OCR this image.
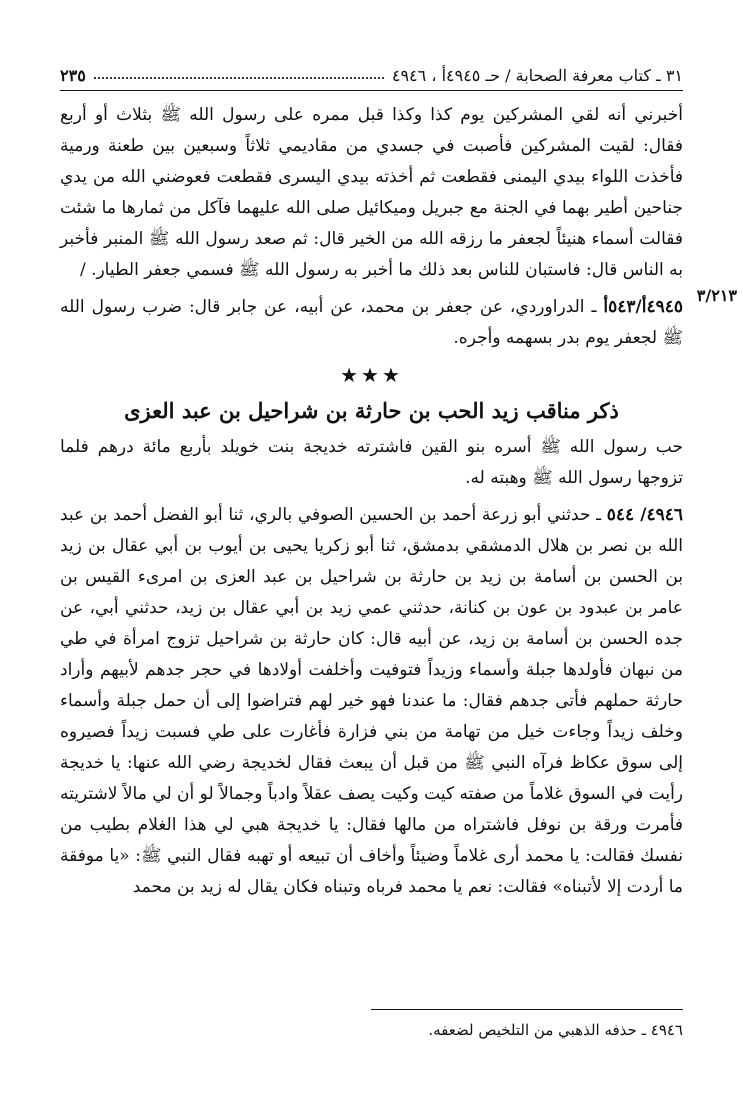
٣١ ـ كتاب معرفة الصحابة / حـ ٤٩٤٥أ ، ٤٩٤٦
٢٣٥
٣/٢١٣

أخبرني أنه لقي المشركين يوم كذا وكذا قبل ممره على رسول الله ﷺ بثلاث أو أربع فقال: لقيت المشركين فأصبت في جسدي من مقاديمي ثلاثاً وسبعين بين طعنة ورمية فأخذت اللواء بيدي اليمنى فقطعت ثم أخذته بيدي اليسرى فقطعت فعوضني الله من يدي جناحين أطير بهما في الجنة مع جبريل وميكائيل صلى الله عليهما فآكل من ثمارها ما شئت فقالت أسماء هنيئاً لجعفر ما رزقه الله من الخير قال: ثم صعد رسول الله ﷺ المنبر فأخبر به الناس قال: فاستبان للناس بعد ذلك ما أخبر به رسول الله ﷺ فسمي جعفر الطيار. /

٤٩٤٥أ/٥٤٣أ ـ الدراوردي، عن جعفر بن محمد، عن أبيه، عن جابر قال: ضرب رسول الله ﷺ لجعفر يوم بدر بسهمه وأجره.

★★★
ذكر مناقب زيد الحب بن حارثة بن شراحيل بن عبد العزى

حب رسول الله ﷺ أسره بنو القين فاشترته خديجة بنت خويلد بأربع مائة درهم فلما تزوجها رسول الله ﷺ وهبته له.

٤٩٤٦/ ٥٤٤ ـ حدثني أبو زرعة أحمد بن الحسين الصوفي بالري، ثنا أبو الفضل أحمد بن عبد الله بن نصر بن هلال الدمشقي بدمشق، ثنا أبو زكريا يحيى بن أيوب بن أبي عقال بن زيد بن الحسن بن أسامة بن زيد بن حارثة بن شراحيل بن عبد العزى بن امرىء القيس بن عامر بن عبدود بن عون بن كنانة، حدثني عمي زيد بن أبي عقال بن زيد، حدثني أبي، عن جده الحسن بن أسامة بن زيد، عن أبيه قال: كان حارثة بن شراحيل تزوج امرأة في طي من نبهان فأولدها جبلة وأسماء وزيداً فتوفيت وأخلفت أولادها في حجر جدهم لأبيهم وأراد حارثة حملهم فأتى جدهم فقال: ما عندنا فهو خير لهم فتراضوا إلى أن حمل جبلة وأسماء وخلف زيداً وجاءت خيل من تهامة من بني فزارة فأغارت على طي فسبت زيداً فصيروه إلى سوق عكاظ فرآه النبي ﷺ من قبل أن يبعث فقال لخديجة رضي الله عنها: يا خديجة رأيت في السوق غلاماً من صفته كيت وكيت يصف عقلاً وادباً وجمالاً لو أن لي مالاً لاشتريته فأمرت ورقة بن نوفل فاشتراه من مالها فقال: يا خديجة هبي لي هذا الغلام بطيب من نفسك فقالت: يا محمد أرى غلاماً وضيئاً وأخاف أن تبيعه أو تهبه فقال النبي ﷺ: «يا موفقة ما أردت إلا لأتبناه» فقالت: نعم يا محمد فرباه وتبناه فكان يقال له زيد بن محمد

٤٩٤٦ ـ حذفه الذهبي من التلخيص لضعفه.
